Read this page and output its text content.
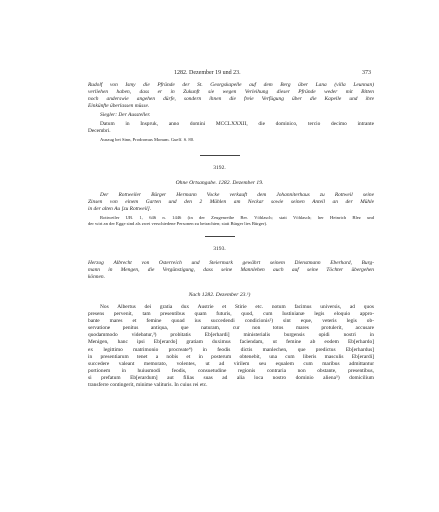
1282. Dezember 19 und 23.	373
Rudolf von Ismy die Pfründe der St. Georgskapelle auf dem Berg über Lana (villa Leunnan)
verliehen haben, dass er in Zukunft sie wegen Verleihung dieser Pfründe weder mit Bitten
noch anderswie angehen dürfe, sondern ihnen die freie Verfügung über die Kapelle und ihre
Einkünfte überlassen müsse.
Siegler: Der Aussteller.
Datum in Inspruk, anno domini MCCLXXXII, die dominico, tercio decimo intrante
Decembri.
Auszug bei Sinn, Prodromus Monum. Guelf. S. 80.
3192.
Ohne Ortsangabe. 1282. Dezember 19.
Der Rottweiler Bürger Hermann Vocke verkauft dem Johanniterhaus zu Rottweil seine
Zinsen von einem Garten und den 2 Mühlen am Neckar sowie seinen Anteil an der Mühle
in der alten Au [zu Rottweil].
Rottweiler UB. 1, 646 n. 1446 (in der Zeugenreihe Ber. Vöhlasch; statt Vöhlasch; her Heinrich Blez und
der wirt an der Egge sind als zwei verschiedene Personen zu betrachten; statt Bürger lies Bürger).
3193.
Herzog Albrecht von Österreich und Steiermark gewährt seinem Dienstmann Eberhard, Burg-
mann in Mengen, die Vergünstigung, dass seine Mannlehen auch auf seine Töchter übergehen
können.
Nach 1282. Dezember 23.¹)
Nos Albertus dei gratia dux Austrie et Stirie etc. notum facimus universis, ad quos
presens pervenit, tam presentibus quam futuris, quod, cum Iustinianæ legis eloquio appro-
bante mares et femine quoad ius succedendi condicionis²) sint eque, veteris legis ob-
servatione penitus antiqua, que naturam, cur non totos mares protulerit, accusare
quodammodo videbatur,³) probitatis Eb[erhardi] ministerialis burgensis opidi nostri in
Menigen, hanc ipsi Eb[erardo] gratiam duximus faciendam, ut femine ab eodem Eb[erhardo]
ex legittimo matrimonio procreate⁴) in feodis dictis manlechen, que predictus Eb[erhardus]
in presentiarum tenet a nobis et in posterum obtenebit, una cum liberis masculis Eb[erardi]
succedere valeant memorato, volentes, ut ad virilem seu equalem cum maribus admittantur
portionem in huiusmodi feodis, consuetudine regionis contraria non obstante, presentibus,
si prefatum Eb[erardum] aut filias suas ad alia loca nostro dominio aliena⁵) domicilium
transferre contingerit, minime valituris. In cuius rei etc.
